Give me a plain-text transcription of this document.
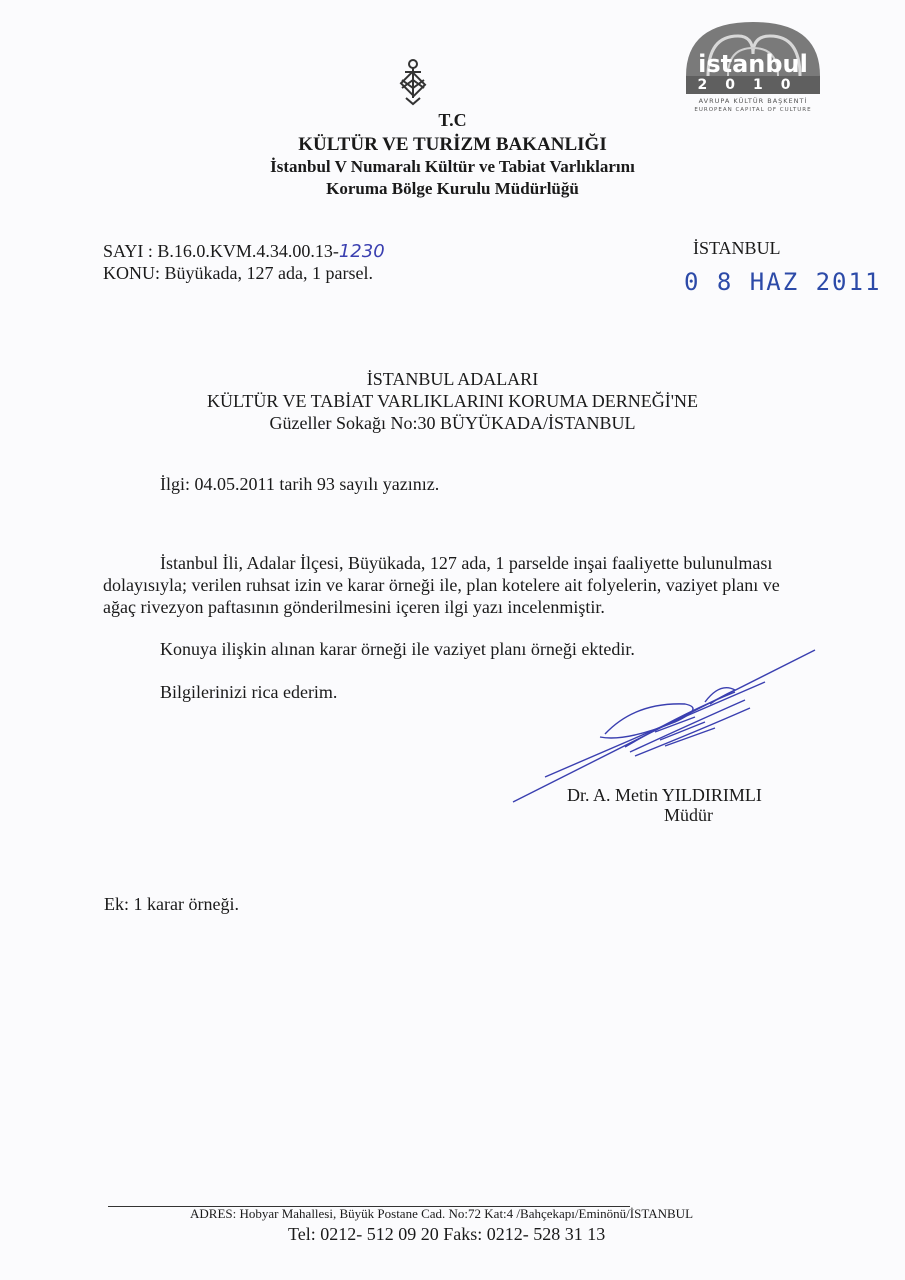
T.C
KÜLTÜR VE TURİZM BAKANLIĞI
İstanbul V Numaralı Kültür ve Tabiat Varlıklarını
Koruma Bölge Kurulu Müdürlüğü
istanbul
2010
AVRUPA KÜLTÜR BAŞKENTİ
EUROPEAN CAPITAL OF CULTURE
SAYI : B.16.0.KVM.4.34.00.13-1230
KONU: Büyükada, 127 ada, 1 parsel.
İSTANBUL
0 8 HAZ 2011
İSTANBUL ADALARI
KÜLTÜR VE TABİAT VARLIKLARINI KORUMA DERNEĞİ'NE
Güzeller Sokağı No:30 BÜYÜKADA/İSTANBUL
İlgi: 04.05.2011 tarih 93 sayılı yazınız.
İstanbul İli, Adalar İlçesi, Büyükada, 127 ada, 1 parselde inşai faaliyette bulunulması
dolayısıyla; verilen ruhsat izin ve karar örneği ile, plan kotelere ait folyelerin, vaziyet planı ve
ağaç rivezyon paftasının gönderilmesini içeren ilgi yazı incelenmiştir.
Konuya ilişkin alınan karar örneği ile vaziyet planı örneği ektedir.
Bilgilerinizi rica ederim.
Dr. A. Metin YILDIRIMLI
Müdür
Ek: 1 karar örneği.
ADRES: Hobyar Mahallesi, Büyük Postane Cad. No:72 Kat:4 /Bahçekapı/Eminönü/İSTANBUL
Tel: 0212- 512 09 20 Faks: 0212- 528 31 13
